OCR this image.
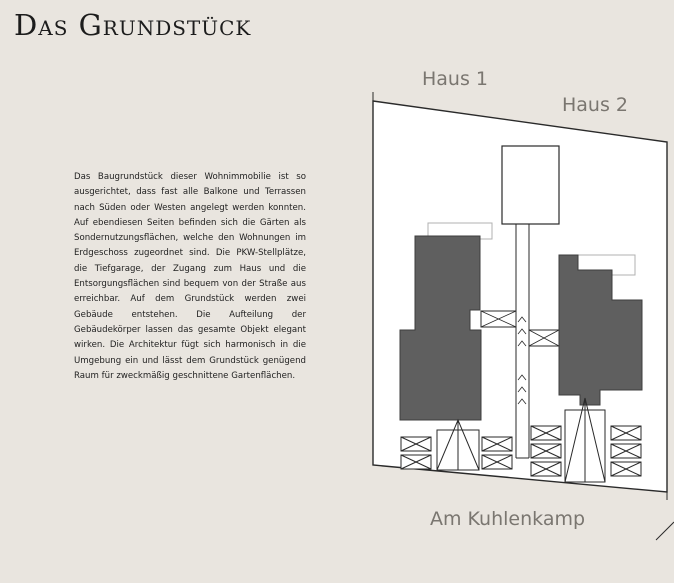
Das Grundstück

Das Baugrundstück dieser Wohnimmobilie ist so ausgerichtet, dass fast alle Balkone und Terrassen nach Süden oder Westen angelegt werden konnten. Auf ebendiesen Seiten befinden sich die Gärten als Sondernutzungsflächen, welche den Wohnungen im Erdgeschoss zugeordnet sind. Die PKW-Stellplätze, die Tiefgarage, der Zugang zum Haus und die Entsorgungsflächen sind bequem von der Straße aus erreichbar. Auf dem Grundstück werden zwei Gebäude entstehen. Die Aufteilung der Gebäudekörper lassen das gesamte Objekt elegant wirken. Die Architektur fügt sich harmonisch in die Umgebung ein und lässt dem Grundstück genügend Raum für zweckmäßig geschnittene Gartenflächen.

Haus 1
Haus 2
Am Kuhlenkamp
